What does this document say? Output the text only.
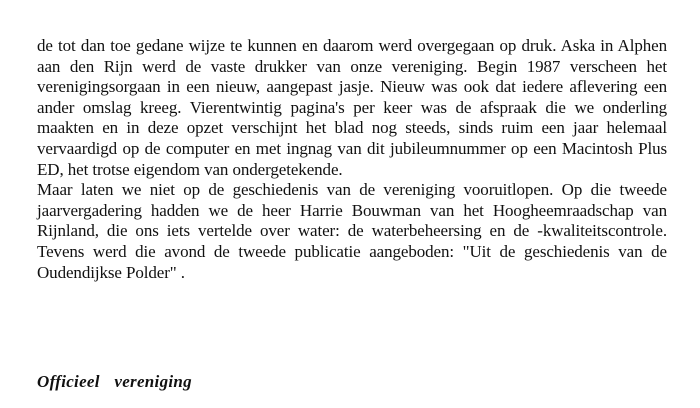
de tot dan toe gedane wijze te kunnen en daarom werd overgegaan op druk. Aska in Alphen aan den Rijn werd de vaste drukker van onze vereniging. Begin 1987 verscheen het verenigingsorgaan in een nieuw, aangepast jasje. Nieuw was ook dat iedere aflevering een ander omslag kreeg. Vierentwintig pagina's per keer was de afspraak die we onderling maakten en in deze opzet verschijnt het blad nog steeds, sinds ruim een jaar helemaal vervaardigd op de computer en met ingnag van dit jubileumnummer op een Macintosh Plus ED, het trotse eigendom van ondergetekende.

Maar laten we niet op de geschiedenis van de vereniging vooruitlopen. Op die tweede jaarvergadering hadden we de heer Harrie Bouwman van het Hoogheemraadschap van Rijnland, die ons iets vertelde over water: de waterbeheersing en de -kwaliteitscontrole. Tevens werd die avond de tweede publicatie aangeboden: "Uit de geschiedenis van de Oudendijkse Polder" .

Officieel vereniging
